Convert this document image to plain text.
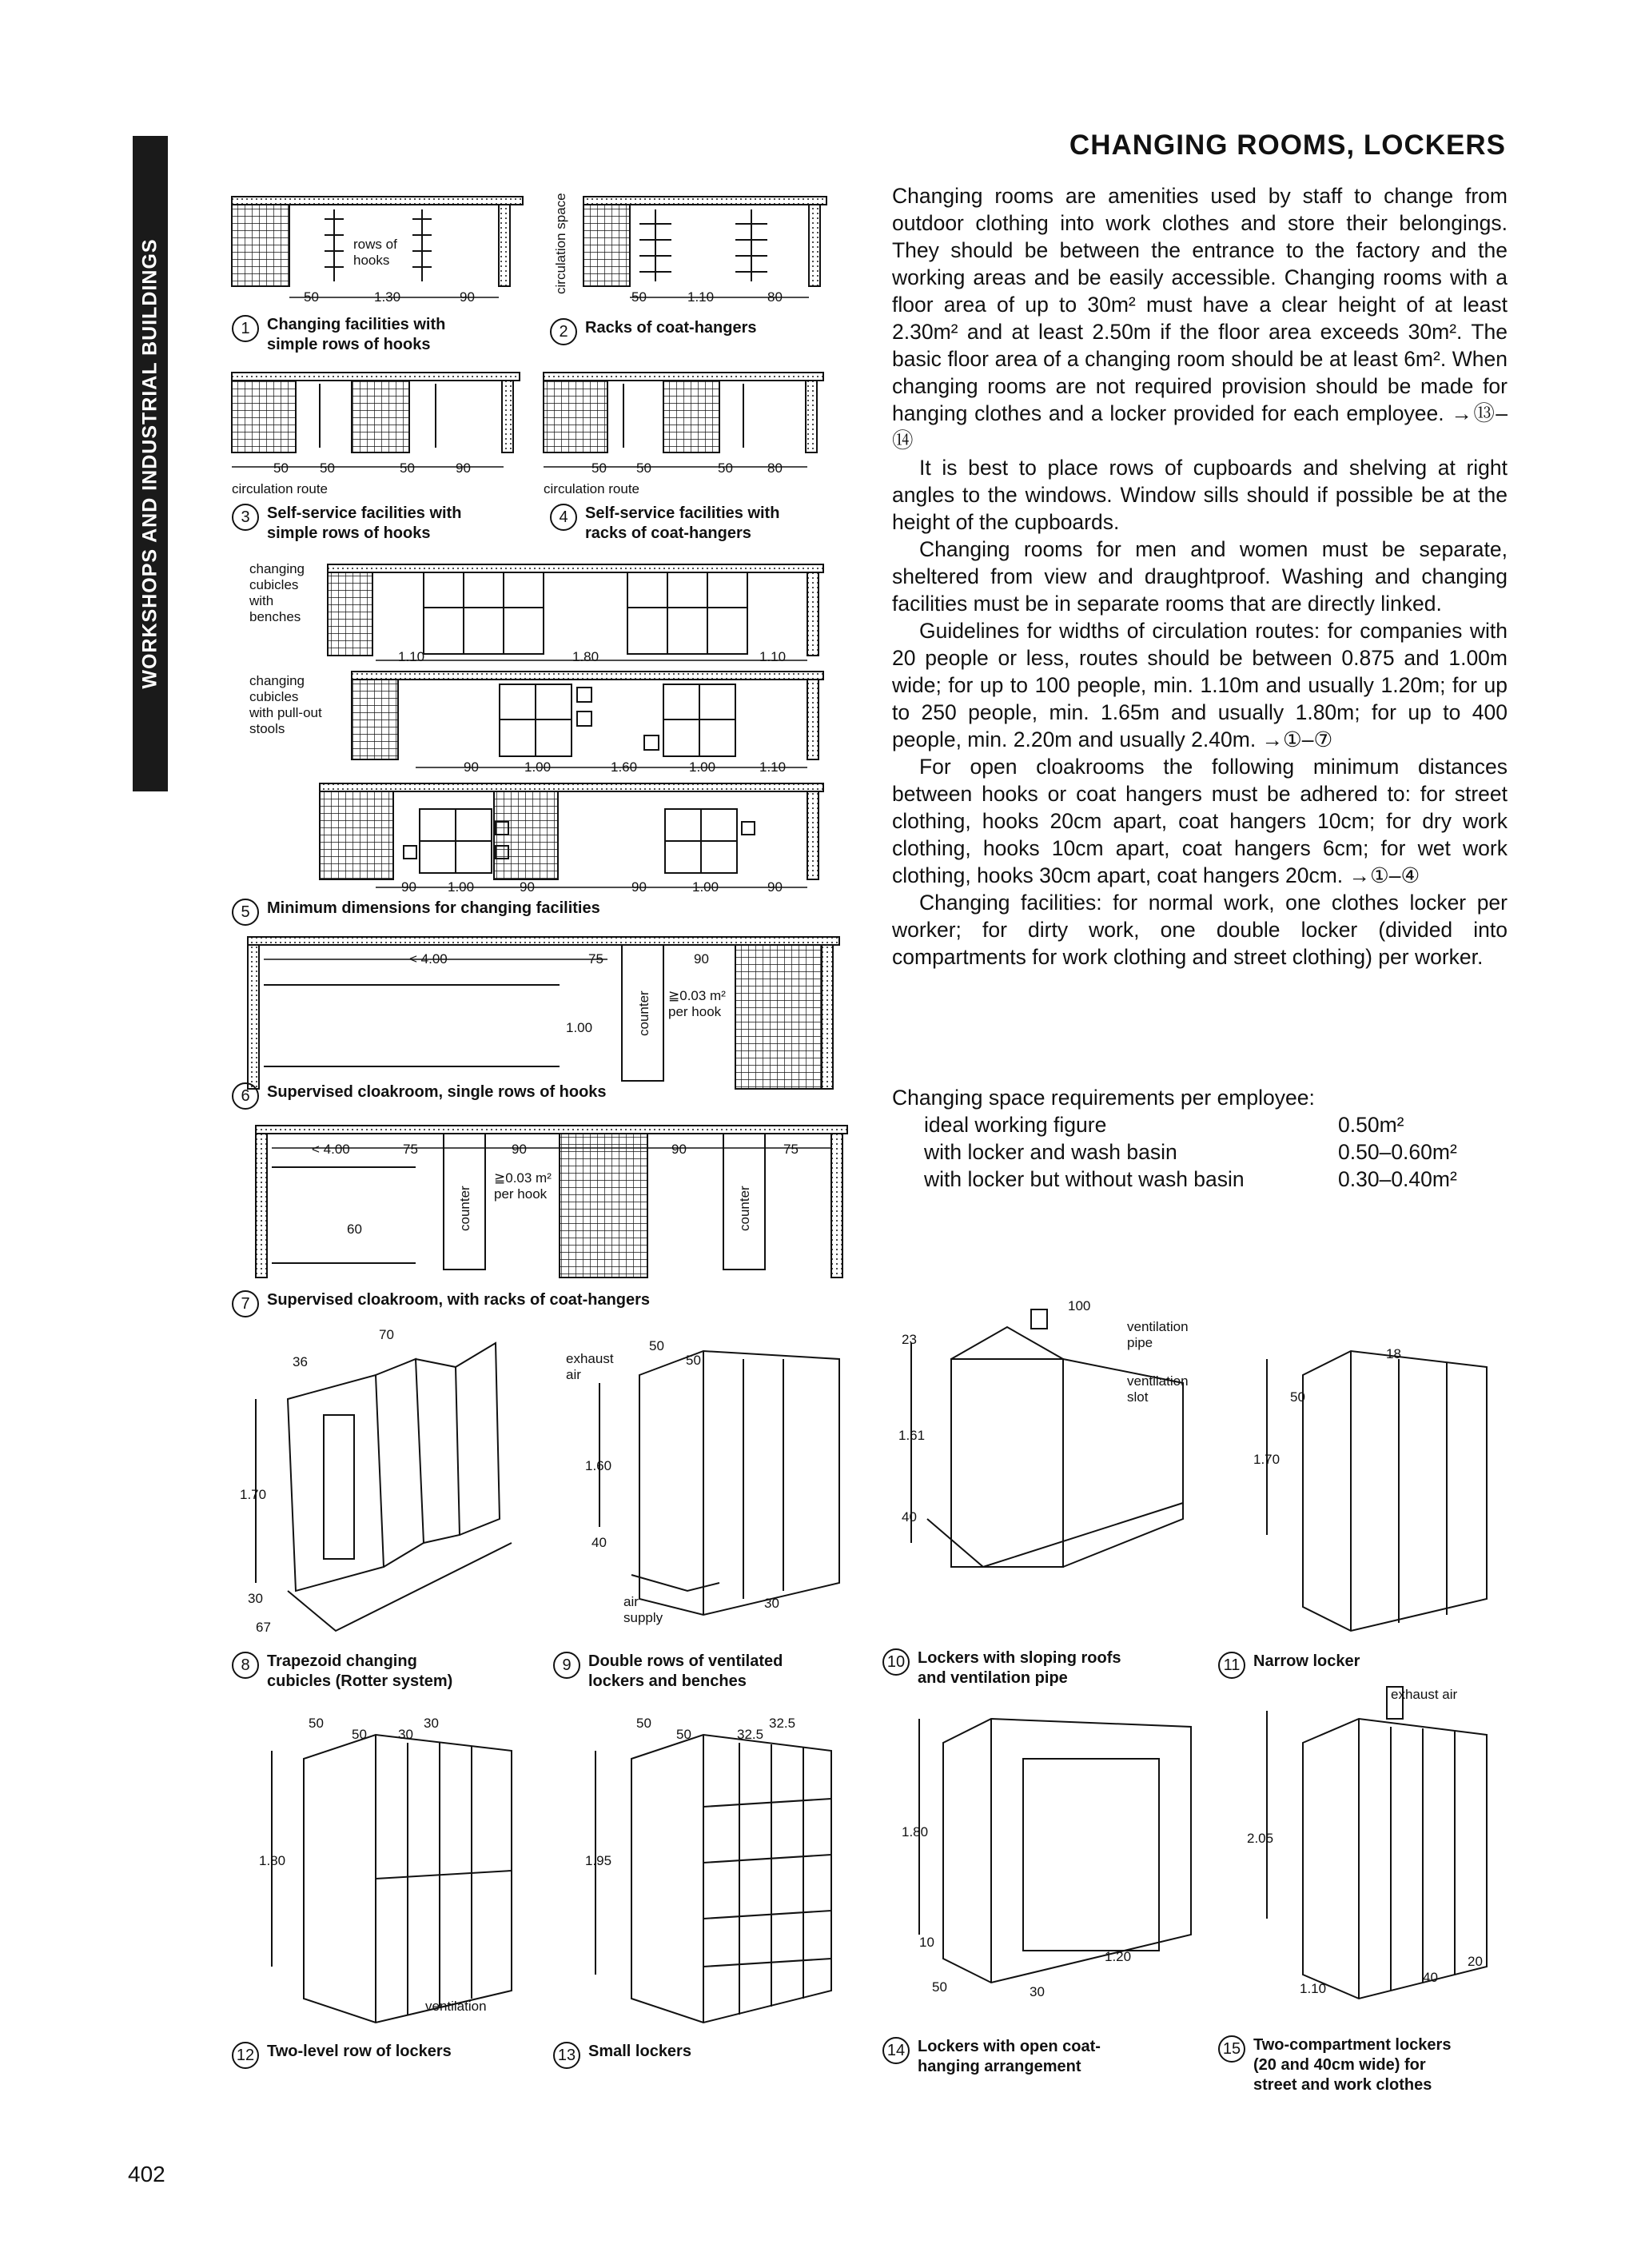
WORKSHOPS AND INDUSTRIAL BUILDINGS
CHANGING ROOMS, LOCKERS

Changing rooms are amenities used by staff to change from outdoor clothing into work clothes and store their belongings. They should be between the entrance to the factory and the working areas and be easily accessible. Changing rooms with a floor area of up to 30m² must have a clear height of at least 2.30m² and at least 2.50m if the floor area exceeds 30m². The basic floor area of a changing room should be at least 6m². When changing rooms are not required provision should be made for hanging clothes and a locker provided for each employee. →⑬–⑭

It is best to place rows of cupboards and shelving at right angles to the windows. Window sills should if possible be at the height of the cupboards.

Changing rooms for men and women must be separate, sheltered from view and draughtproof. Washing and changing facilities must be in separate rooms that are directly linked.

Guidelines for widths of circulation routes: for companies with 20 people or less, routes should be between 0.875 and 1.00m wide; for up to 100 people, min. 1.10m and usually 1.20m; for up to 250 people, min. 1.65m and usually 1.80m; for up to 400 people, min. 2.20m and usually 2.40m. →①–⑦

For open cloakrooms the following minimum distances between hooks or coat hangers must be adhered to: for street clothing, hooks 20cm apart, coat hangers 10cm; for dry work clothing, hooks 10cm apart, coat hangers 6cm; for wet work clothing, hooks 30cm apart, coat hangers 20cm. →①–④

Changing facilities: for normal work, one clothes locker per worker; for dirty work, one double locker (divided into compartments for work clothing and street clothing) per worker.

Changing space requirements per employee:
ideal working figure	0.50m²
with locker and wash basin	0.50–0.60m²
with locker but without wash basin	0.30–0.40m²
rows of
hooks
50	1.30	90
1 Changing facilities with
simple rows of hooks
circulation space
50	1.10	80
2 Racks of coat-hangers
50 50	50	90
circulation route
3 Self-service facilities with
simple rows of hooks
50 50	50	80
circulation route
4 Self-service facilities with
racks of coat-hangers
changing
cubicles
with
benches
1.10	1.80	1.10
changing
cubicles
with pull-out
stools
90	1.00	1.60	1.00	1.10
90 1.00	90	90	1.00	90
5 Minimum dimensions for changing facilities
< 4.00	75	90
1.00
≧0.03 m²
per hook
counter
6 Supervised cloakroom, single rows of hooks
< 4.00	75	90	90	75
60
≧0.03 m²
per hook
counter	counter
7 Supervised cloakroom, with racks of coat-hangers
70
36
1.70
30
67
8 Trapezoid changing
cubicles (Rotter system)
exhaust
air
50
50
1.60
40
air
supply
30
9 Double rows of ventilated
lockers and benches
100
ventilation
pipe
ventilation
slot
23
1.61
40
10 Lockers with sloping roofs
and ventilation pipe
18
50
1.70
11 Narrow locker
exhaust air
50
50 30
30
1.80
ventilation
12 Two-level row of lockers
50
50	32.5
32.5
1.95
13 Small lockers
1.80
10
1.20
50	30
14 Lockers with open coat-
hanging arrangement
2.05
1.10
40
20
15 Two-compartment lockers
(20 and 40cm wide) for
street and work clothes
402
